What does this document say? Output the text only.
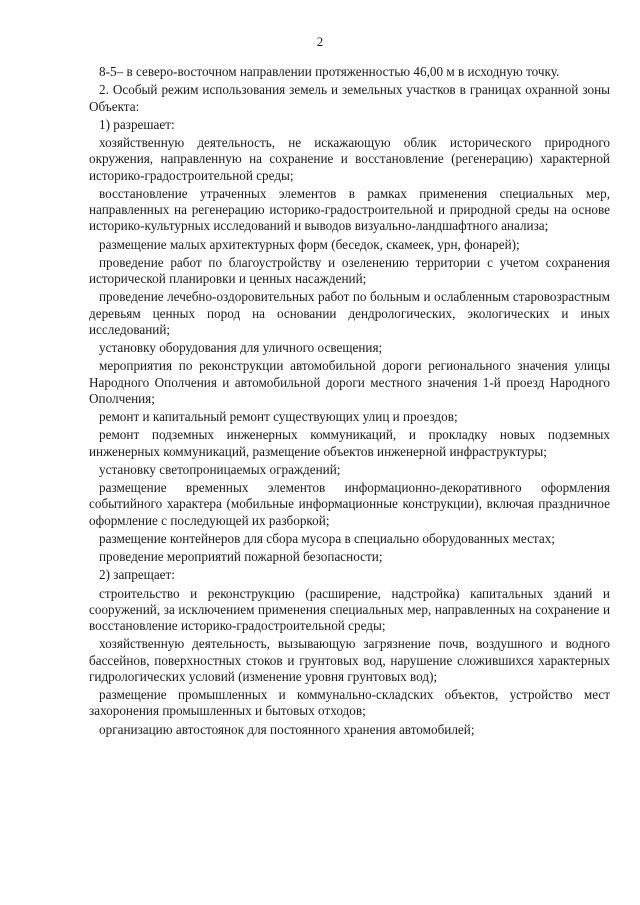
2

8-5– в северо-восточном направлении протяженностью 46,00 м в исходную точку.

2. Особый режим использования земель и земельных участков в границах охранной зоны Объекта:

1) разрешает:

хозяйственную деятельность, не искажающую облик исторического природного окружения, направленную на сохранение и восстановление (регенерацию) характерной историко-градостроительной среды;

восстановление утраченных элементов в рамках применения специальных мер, направленных на регенерацию историко-градостроительной и природной среды на основе историко-культурных исследований и выводов визуально-ландшафтного анализа;

размещение малых архитектурных форм (беседок, скамеек, урн, фонарей);

проведение работ по благоустройству и озеленению территории с учетом сохранения исторической планировки и ценных насаждений;

проведение лечебно-оздоровительных работ по больным и ослабленным старовозрастным деревьям ценных пород на основании дендрологических, экологических и иных исследований;

установку оборудования для уличного освещения;

мероприятия по реконструкции автомобильной дороги регионального значения улицы Народного Ополчения и автомобильной дороги местного значения 1-й проезд Народного Ополчения;

ремонт и капитальный ремонт существующих улиц и проездов;

ремонт подземных инженерных коммуникаций, и прокладку новых подземных инженерных коммуникаций, размещение объектов инженерной инфраструктуры;

установку светопроницаемых ограждений;

размещение временных элементов информационно-декоративного оформления событийного характера (мобильные информационные конструкции), включая праздничное оформление с последующей их разборкой;

размещение контейнеров для сбора мусора в специально оборудованных местах;

проведение мероприятий пожарной безопасности;

2) запрещает:

строительство и реконструкцию (расширение, надстройка) капитальных зданий и сооружений, за исключением применения специальных мер, направленных на сохранение и восстановление историко-градостроительной среды;

хозяйственную деятельность, вызывающую загрязнение почв, воздушного и водного бассейнов, поверхностных стоков и грунтовых вод, нарушение сложившихся характерных гидрологических условий (изменение уровня грунтовых вод);

размещение промышленных и коммунально-складских объектов, устройство мест захоронения промышленных и бытовых отходов;

организацию автостоянок для постоянного хранения автомобилей;
